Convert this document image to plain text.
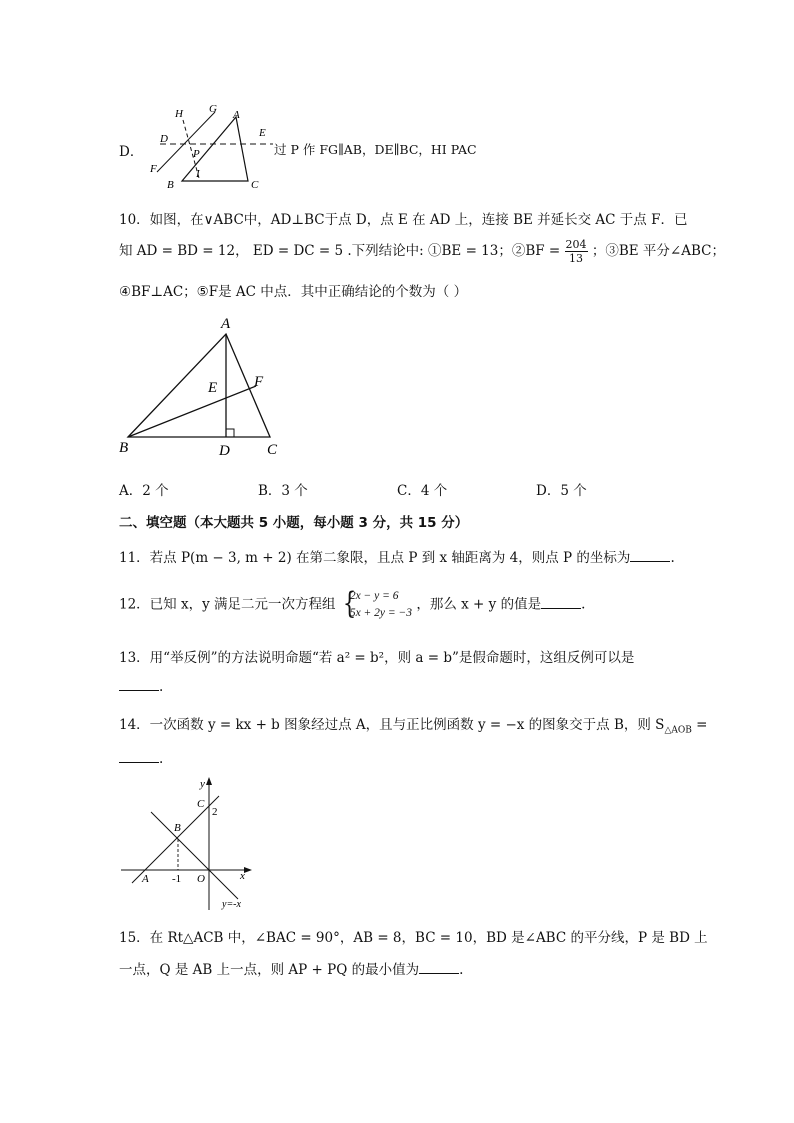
D．
H G A
D	E
P
F
B
I
C
过 P 作 FG∥AB，DE∥BC，HI PAC
10．如图，在∨ABC中，AD⊥BC于点 D，点 E 在 AD 上，连接 BE 并延长交 AC 于点 F．已
知 AD = BD = 12， ED = DC = 5 .下列结论中: ①BE = 13；②BF = $\frac{204}{13}$ ；③BE 平分∠ABC；
④BF⊥AC；⑤F是 AC 中点．其中正确结论的个数为（ ）
A
E F
B	D C
A．2 个	B．3 个	C．4 个	D．5 个
二、填空题（本大题共 5 小题，每小题 3 分，共 15 分）
11．若点 P(m − 3, m + 2) 在第二象限，且点 P 到 x 轴距离为 4，则点 P 的坐标为	.
12．已知 x，y 满足二元一次方程组 {
2x − y = 6
5x + 2y = −3
，那么 x + y 的值是	.
13．用“举反例”的方法说明命题“若 a² = b²，则 a = b”是假命题时，这组反例可以是
.
14．一次函数 y = kx + b 图象经过点 A，且与正比例函数 y = −x 的图象交于点 B，则 $S_{\triangle AOB}$ =
.
y
C
2
B
A -1 O	x
y=-x
15．在 Rt△ACB 中，∠BAC = 90°，AB = 8，BC = 10，BD 是∠ABC 的平分线，P 是 BD 上
一点，Q 是 AB 上一点，则 AP + PQ 的最小值为	.
